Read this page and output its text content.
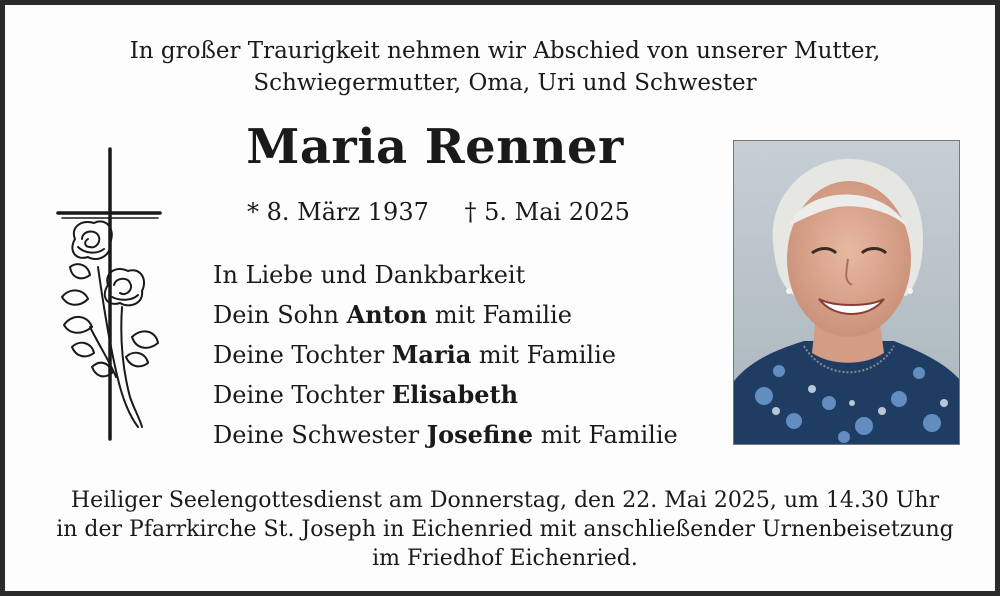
In großer Traurigkeit nehmen wir Abschied von unserer Mutter,
Schwiegermutter, Oma, Uri und Schwester
Maria Renner
* 8. März 1937 † 5. Mai 2025
In Liebe und Dankbarkeit
Dein Sohn Anton mit Familie
Deine Tochter Maria mit Familie
Deine Tochter Elisabeth
Deine Schwester Josefine mit Familie
Heiliger Seelengottesdienst am Donnerstag, den 22. Mai 2025, um 14.30 Uhr
in der Pfarrkirche St. Joseph in Eichenried mit anschließender Urnenbeisetzung
im Friedhof Eichenried.
